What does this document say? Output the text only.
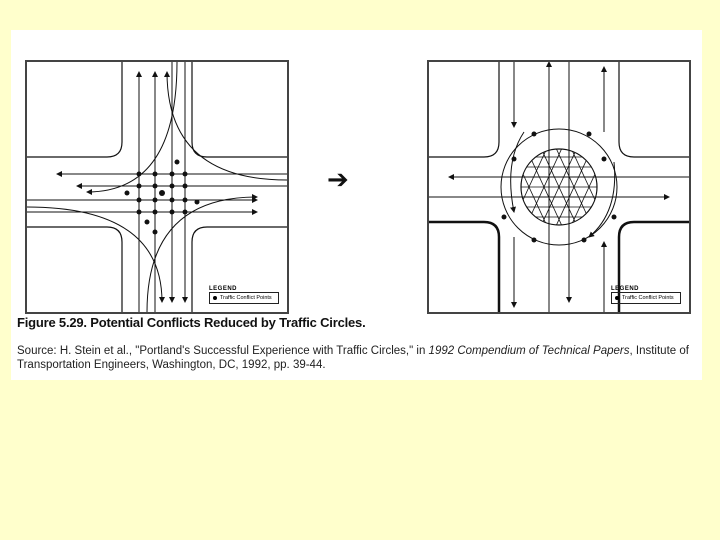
LEGEND
Traffic Conflict Points
➔
LEGEND
Traffic Conflict Points
Figure 5.29. Potential Conflicts Reduced by Traffic Circles.
Source: H. Stein et al., "Portland's Successful Experience with Traffic Circles," in 1992 Compendium of Technical Papers, Institute of Transportation Engineers, Washington, DC, 1992, pp. 39-44.
